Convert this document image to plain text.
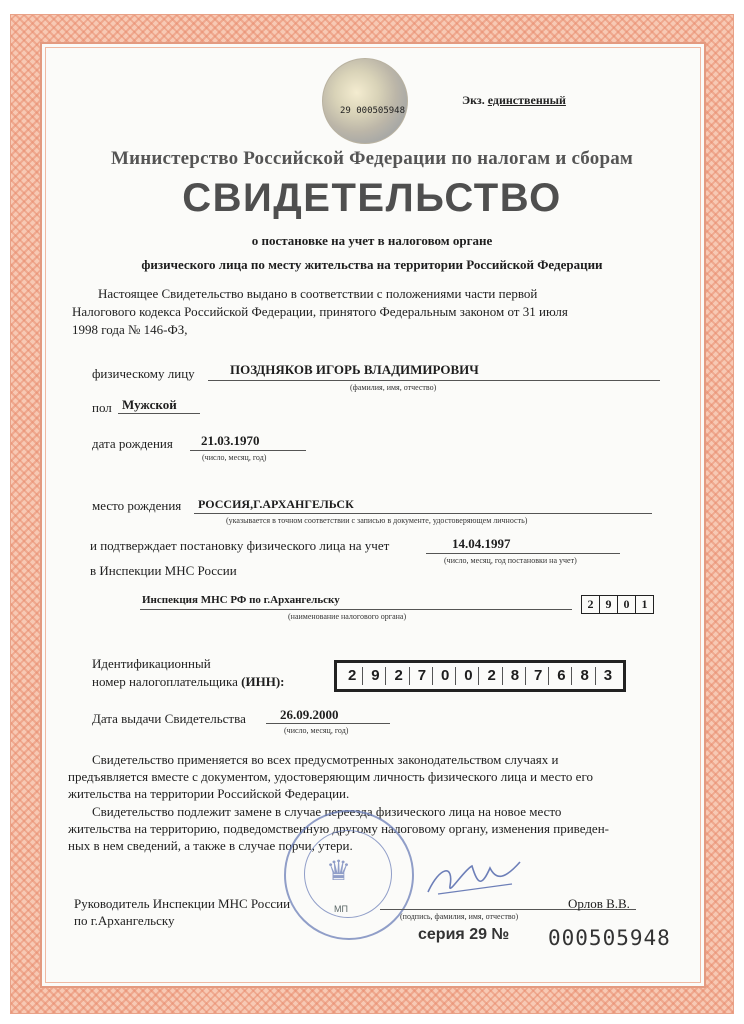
29 000505948
Экз. единственный
Министерство Российской Федерации по налогам и сборам
СВИДЕТЕЛЬСТВО
о постановке на учет в налоговом органе
физического лица по месту жительства на территории Российской Федерации
Настоящее Свидетельство выдано в соответствии с положениями части первой
Налогового кодекса Российской Федерации, принятого Федеральным законом от 31 июля
1998 года № 146-ФЗ,
физическому лицу	ПОЗДНЯКОВ ИГОРЬ ВЛАДИМИРОВИЧ
(фамилия, имя, отчество)
пол Мужской
дата рождения 21.03.1970
(число, месяц, год)
место рождения РОССИЯ,Г.АРХАНГЕЛЬСК
(указывается в точном соответствии с записью в документе, удостоверяющем личность)
и подтверждает постановку физического лица на учет	14.04.1997
(число, месяц, год постановки на учет)
в Инспекции МНС России
Инспекция МНС РФ по г.Архангельску
(наименование налогового органа)
2	9	0	1
Идентификационный
номер налогоплательщика (ИНН):	2 9 2 7 0 0 2 8 7 6 8 3
Дата выдачи Свидетельства	26.09.2000
(число, месяц, год)
Свидетельство применяется во всех предусмотренных законодательством случаях и
предъявляется вместе с документом, удостоверяющим личность физического лица и место его
жительства на территории Российской Федерации.
Свидетельство подлежит замене в случае переезда физического лица на новое место
жительства на территорию, подведомственную другому налоговому органу, изменения приведен-
ных в нем сведений, а также в случае порчи, утери.
♛
МП
Руководитель Инспекции МНС России
по г.Архангельску	(подпись, фамилия, имя, отчество)
Орлов В.В.
серия 29 № 000505948
